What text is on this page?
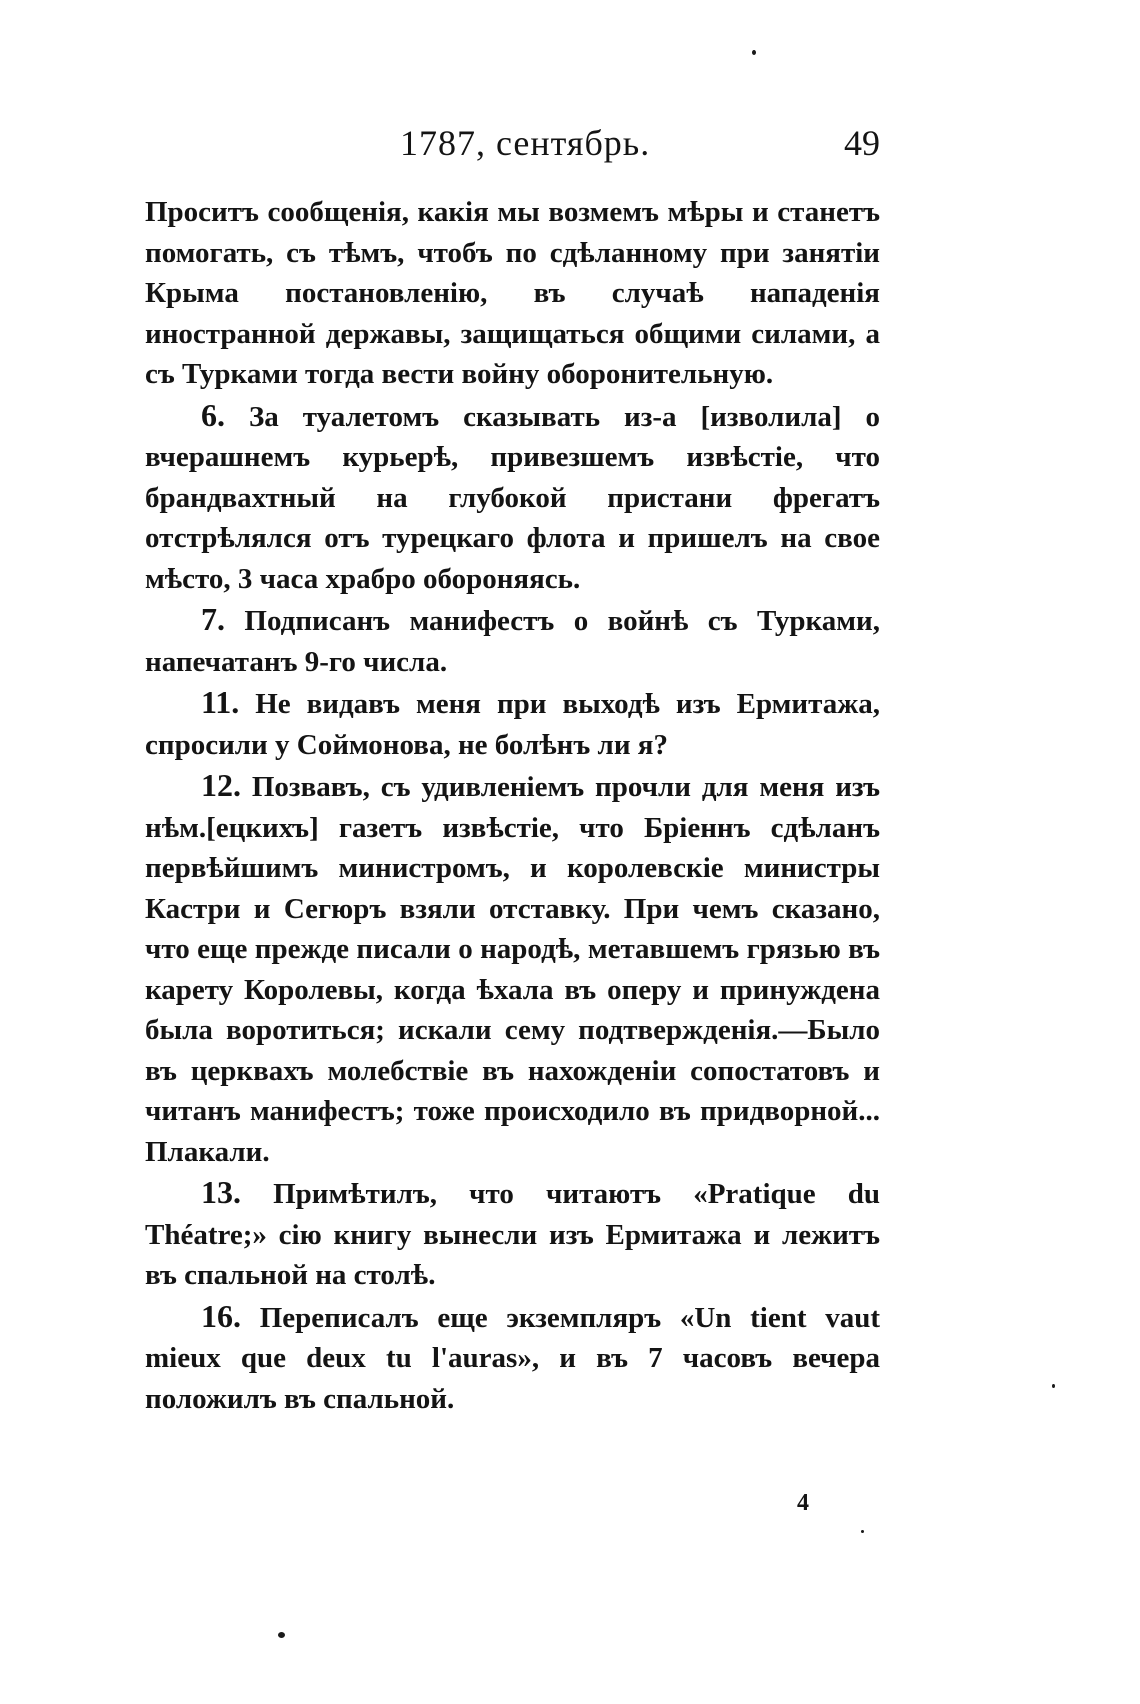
1787, сентябрь.	49

Проситъ сообщенія, какія мы возмемъ мѣры и станетъ помогать, съ тѣмъ, чтобъ по сдѣланному при занятіи Крыма постановленію, въ случаѣ нападенія иностранной державы, защищаться общими силами, а съ Турками тогда вести войну оборонительную.

6 . За туалетомъ сказывать из-а [изволила] о вчерашнемъ курьерѣ, привезшемъ извѣстіе, что брандвахтный на глубокой пристани фрегатъ отстрѣлялся отъ турецкаго флота и пришелъ на свое мѣсто, 3 часа храбро обороняясь.

7 . Подписанъ манифестъ о войнѣ съ Турками, напечатанъ 9-го числа.

11 . Не видавъ меня при выходѣ изъ Ермитажа, спросили у Соймонова, не болѣнъ ли я?

12 . Позвавъ, съ удивленіемъ прочли для меня изъ нѣм.[ецкихъ] газетъ извѣстіе, что Бріеннъ сдѣланъ первѣйшимъ министромъ, и королевскіе министры Кастри и Сегюръ взяли отставку. При чемъ сказано, что еще прежде писали о народѣ, метавшемъ грязью въ карету Королевы, когда ѣхала въ оперу и принуждена была воротиться; искали сему подтвержденія.—Было въ церквахъ молебствіе въ нахожденіи сопостатовъ и читанъ манифестъ; тоже происходило въ придворной... Плакали.

13 . Примѣтилъ, что читаютъ «Pratique du Théatre;» сію книгу вынесли изъ Ермитажа и лежитъ въ спальной на столѣ.

16 . Переписалъ еще экземпляръ «Un tient vaut mieux que deux tu l'auras», и въ 7 часовъ вечера положилъ въ спальной.

4
